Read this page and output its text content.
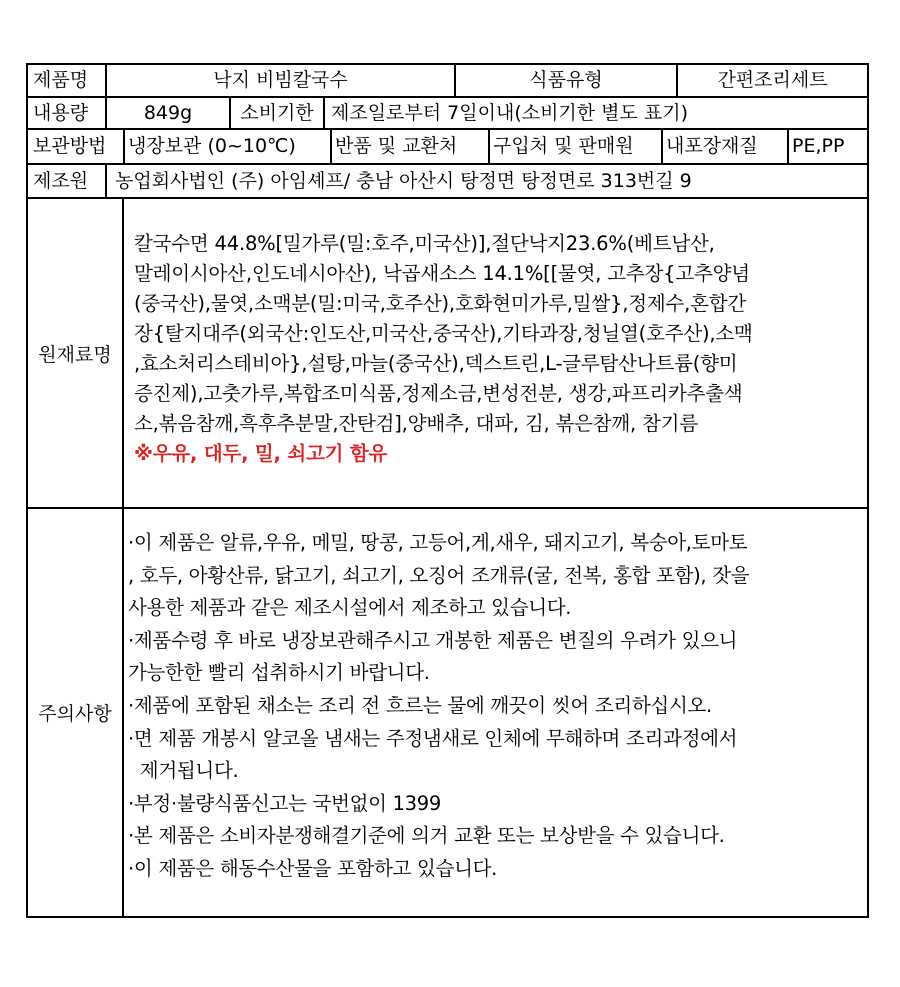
제품명	낙지 비빔칼국수	식품유형	간편조리세트
내용량	849g	소비기한 제조일로부터 7일이내(소비기한 별도 표기)
보관방법	냉장보관 (0~10℃)	반품 및 교환처	구입처 및 판매원	내포장재질	PE,PP
제조원	농업회사법인 (주) 아임셰프/ 충남 아산시 탕정면 탕정면로 313번길 9
원재료명
칼국수면 44.8%[밀가루(밀:호주,미국산)],절단낙지23.6%(베트남산,
말레이시아산,인도네시아산), 낙곱새소스 14.1%[[물엿, 고추장{고추양념
(중국산),물엿,소맥분(밀:미국,호주산),호화현미가루,밀쌀},정제수,혼합간
장{탈지대주(외국산:인도산,미국산,중국산),기타과장,청닐열(호주산),소맥
,효소처리스테비아},설탕,마늘(중국산),덱스트린,L-글루탐산나트륨(향미
증진제),고춧가루,복합조미식품,정제소금,변성전분, 생강,파프리카추출색
소,볶음참깨,흑후추분말,잔탄검],양배추, 대파, 김, 볶은참깨, 참기름
※우유, 대두, 밀, 쇠고기 함유
주의사항
·이 제품은 알류,우유, 메밀, 땅콩, 고등어,게,새우, 돼지고기, 복숭아,토마토
, 호두, 아황산류, 닭고기, 쇠고기, 오징어 조개류(굴, 전복, 홍합 포함), 잣을
사용한 제품과 같은 제조시설에서 제조하고 있습니다.
·제품수령 후 바로 냉장보관해주시고 개봉한 제품은 변질의 우려가 있으니
가능한한 빨리 섭취하시기 바랍니다.
·제품에 포함된 채소는 조리 전 흐르는 물에 깨끗이 씻어 조리하십시오.
·면 제품 개봉시 알코올 냄새는 주정냄새로 인체에 무해하며 조리과정에서
제거됩니다.
·부정·불량식품신고는 국번없이 1399
·본 제품은 소비자분쟁해결기준에 의거 교환 또는 보상받을 수 있습니다.
·이 제품은 해동수산물을 포함하고 있습니다.
